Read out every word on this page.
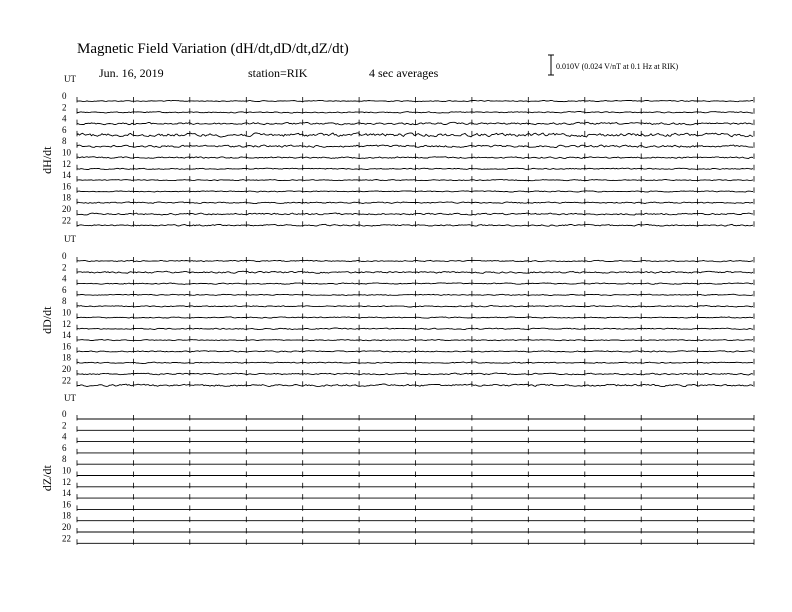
Magnetic Field Variation (dH/dt,dD/dt,dZ/dt)
Jun. 16, 2019	station=RIK	4 sec averages	0.010V (0.024 V/nT at 0.1 Hz at RIK)
UT
dH/dt
0
2
4
6
8
10
12
14
16
18
20
22
UT
dD/dt
0
2
4
6
8
10
12
14
16
18
20
22
UT
dZ/dt
0
2
4
6
8
10
12
14
16
18
20
22
